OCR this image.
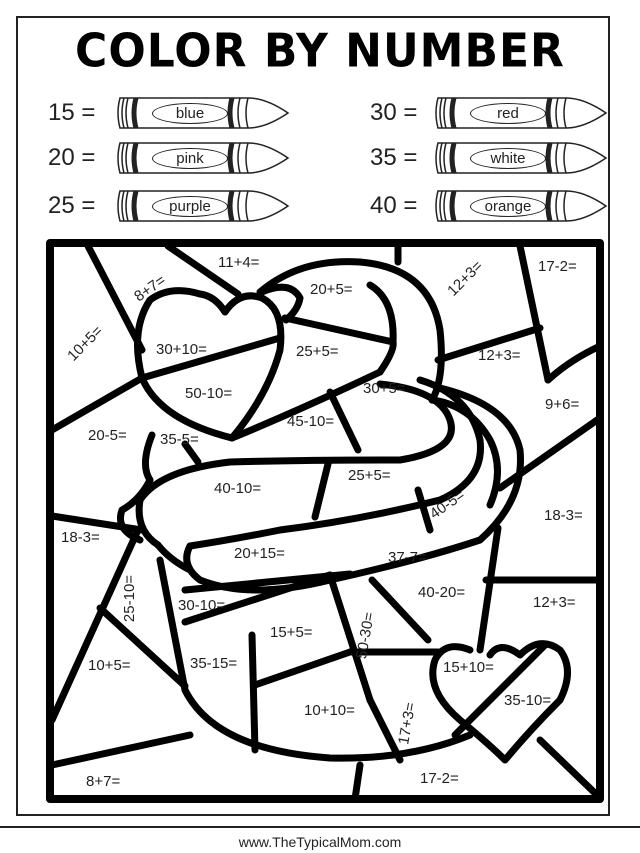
COLOR BY NUMBER
15 =	blue
20 =	pink
25 =	purple
30 =	red
35 =	white
40 =	orange
11+4=
8+7=
10+5=
20+5=	12+3=	17-2=
30+10=	25+5=	12+3=
50-10=	30+5=
9+6=
20-5= 35-5=
45-10=
40-10=
25+5=
40-5=
18-3=
18-3=
20+15=	37-7=
25-10=	30-10=
40-20=
12+3=
15+5=	50-30=
10+5=	35-15=	15+10=
35-10=
10+10=	17+3=
8+7=	17-2=
www.TheTypicalMom.com
